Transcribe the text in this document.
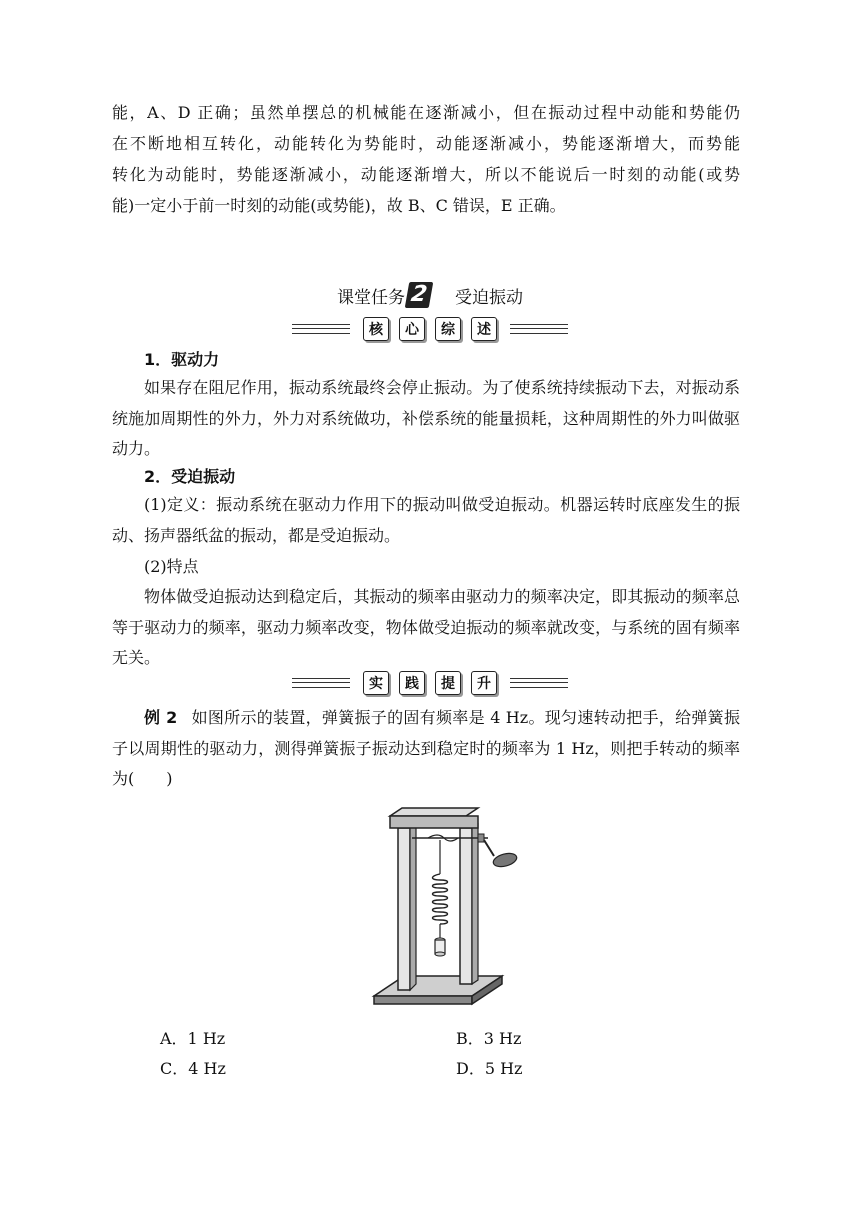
能，A、D 正确；虽然单摆总的机械能在逐渐减小，但在振动过程中动能和势能仍

在不断地相互转化，动能转化为势能时，动能逐渐减小，势能逐渐增大，而势能

转化为动能时，势能逐渐减小，动能逐渐增大，所以不能说后一时刻的动能(或势

能)一定小于前一时刻的动能(或势能)，故 B、C 错误，E 正确。

课堂任务 2 受迫振动
核	心	综	述
1．驱动力

如果存在阻尼作用，振动系统最终会停止振动。为了使系统持续振动下去，对振动系统施加周期性的外力，外力对系统做功，补偿系统的能量损耗，这种周期性的外力叫做驱动力。

2．受迫振动

(1)定义：振动系统在驱动力作用下的振动叫做受迫振动。机器运转时底座发生的振动、扬声器纸盆的振动，都是受迫振动。

(2)特点

物体做受迫振动达到稳定后，其振动的频率由驱动力的频率决定，即其振动的频率总等于驱动力的频率，驱动力频率改变，物体做受迫振动的频率就改变，与系统的固有频率无关。

实	践	提	升

例 2 如图所示的装置，弹簧振子的固有频率是 4 Hz。现匀速转动把手，给弹簧振子以周期性的驱动力，测得弹簧振子振动达到稳定时的频率为 1 Hz，则把手转动的频率为(　　)

A．1 Hz	B．3 Hz
C．4 Hz	D．5 Hz
